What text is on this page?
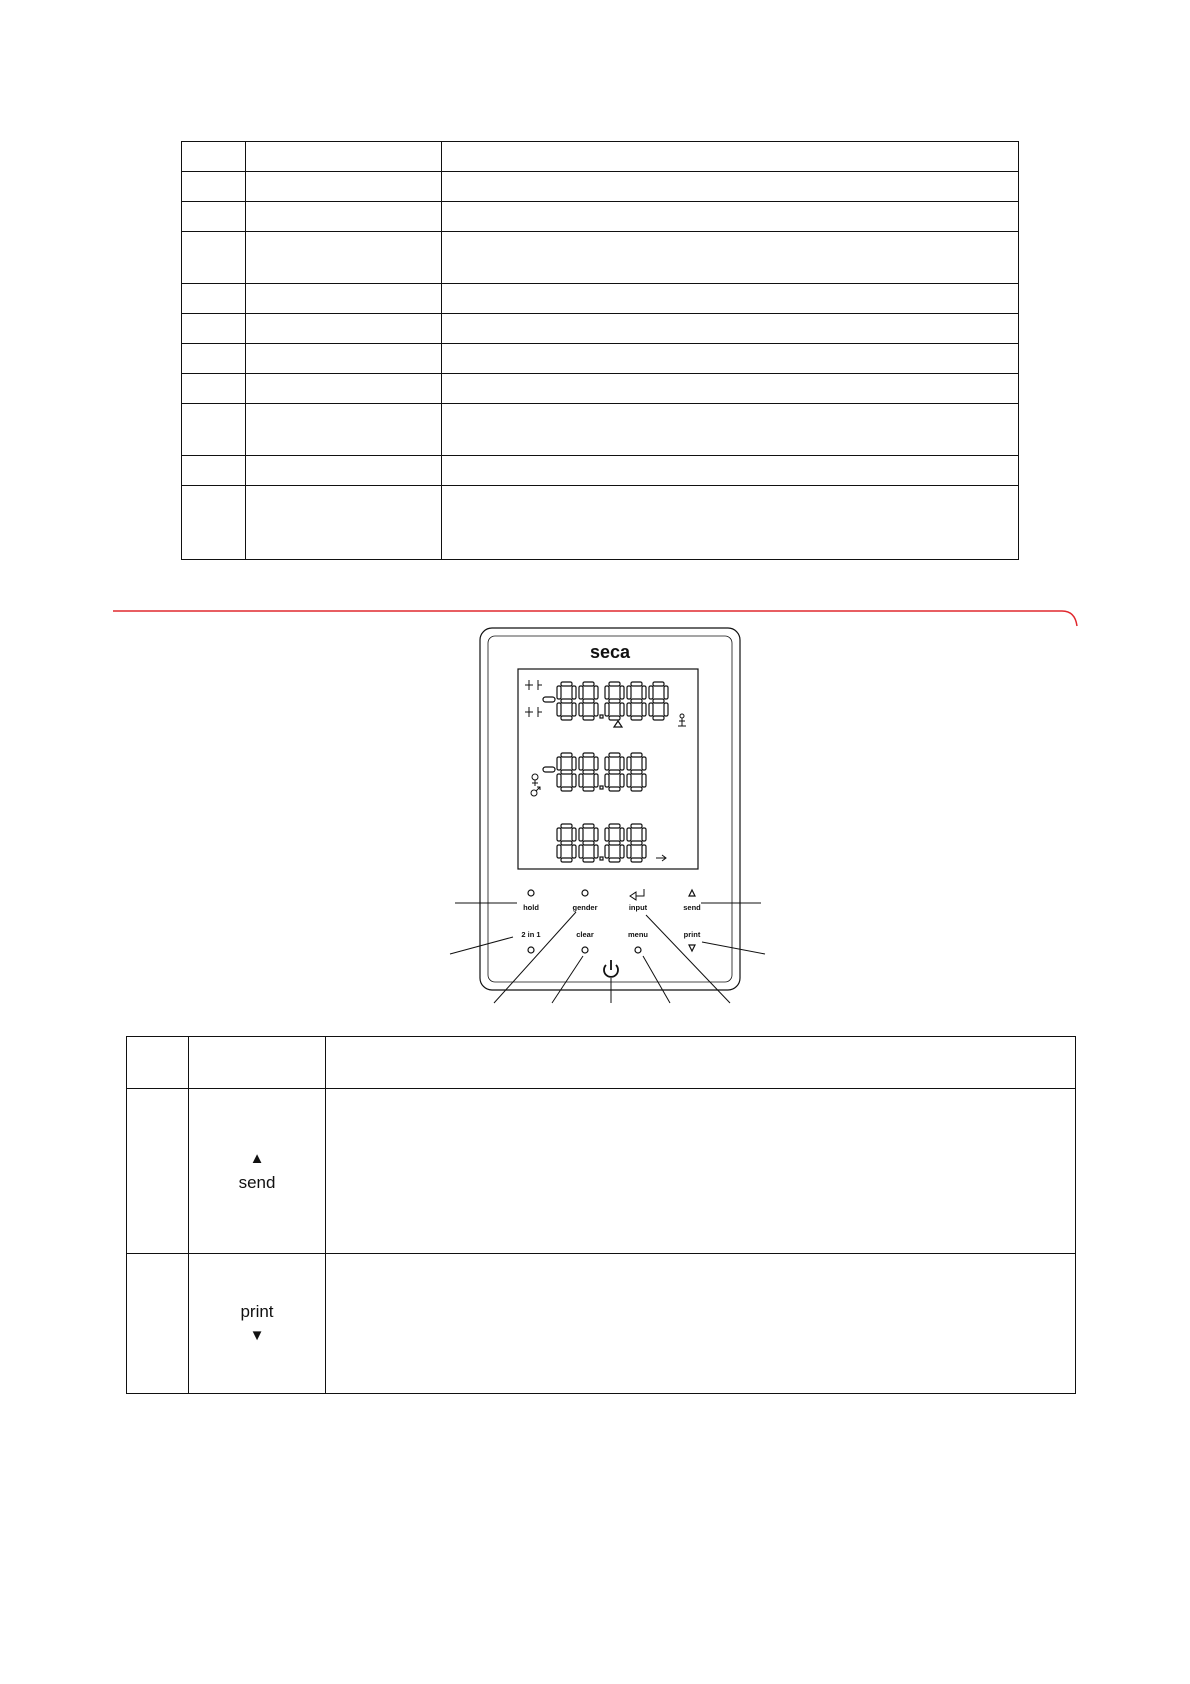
seca
hold	gender	input	send
2 in 1	clear	menu	print

	▲
send	
	print
▼	
